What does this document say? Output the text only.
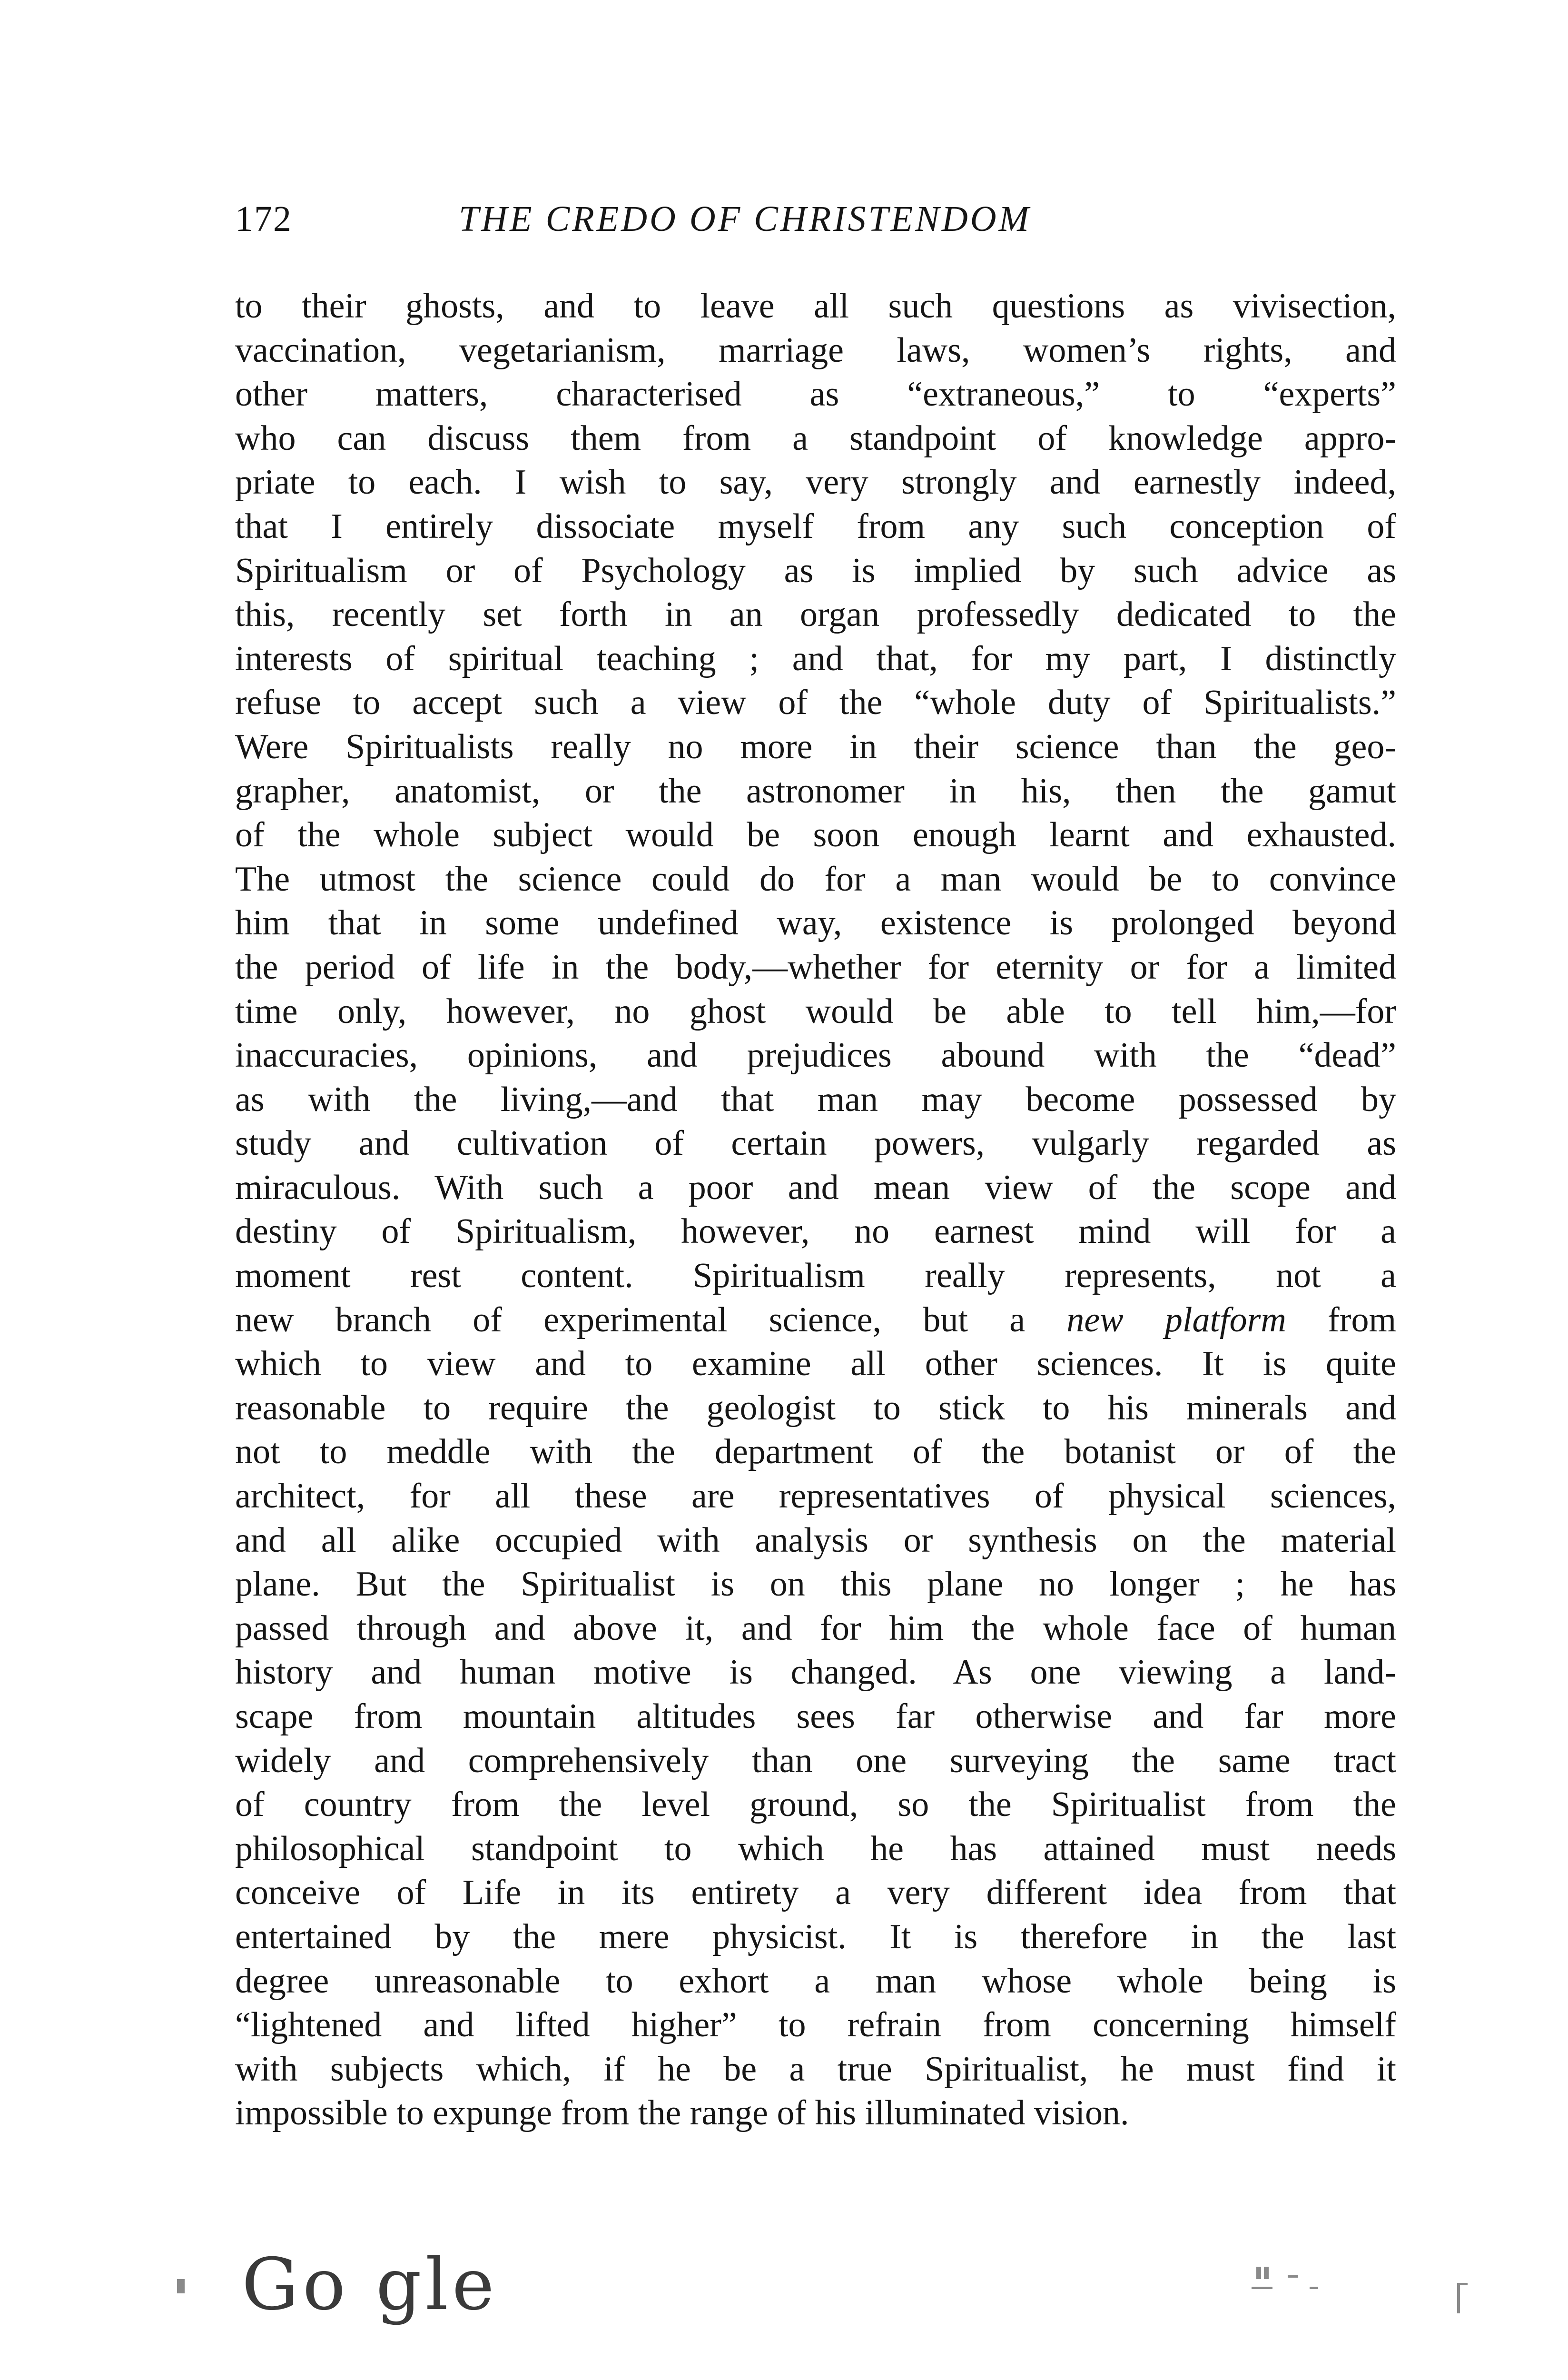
172	THE CREDO OF CHRISTENDOM
to their ghosts, and to leave all such questions as vivisection,
vaccination, vegetarianism, marriage laws, women’s rights, and
other matters, characterised as “extraneous,” to “experts”
who can discuss them from a standpoint of knowledge appro-
priate to each. I wish to say, very strongly and earnestly indeed,
that I entirely dissociate myself from any such conception of
Spiritualism or of Psychology as is implied by such advice as
this, recently set forth in an organ professedly dedicated to the
interests of spiritual teaching ; and that, for my part, I distinctly
refuse to accept such a view of the “whole duty of Spiritualists.”
Were Spiritualists really no more in their science than the geo-
grapher, anatomist, or the astronomer in his, then the gamut
of the whole subject would be soon enough learnt and exhausted.
The utmost the science could do for a man would be to convince
him that in some undefined way, existence is prolonged beyond
the period of life in the body,—whether for eternity or for a limited
time only, however, no ghost would be able to tell him,—for
inaccuracies, opinions, and prejudices abound with the “dead”
as with the living,—and that man may become possessed by
study and cultivation of certain powers, vulgarly regarded as
miraculous. With such a poor and mean view of the scope and
destiny of Spiritualism, however, no earnest mind will for a
moment rest content. Spiritualism really represents, not a
new branch of experimental science, but a new platform from
which to view and to examine all other sciences. It is quite
reasonable to require the geologist to stick to his minerals and
not to meddle with the department of the botanist or of the
architect, for all these are representatives of physical sciences,
and all alike occupied with analysis or synthesis on the material
plane. But the Spiritualist is on this plane no longer ; he has
passed through and above it, and for him the whole face of human
history and human motive is changed. As one viewing a land-
scape from mountain altitudes sees far otherwise and far more
widely and comprehensively than one surveying the same tract
of country from the level ground, so the Spiritualist from the
philosophical standpoint to which he has attained must needs
conceive of Life in its entirety a very different idea from that
entertained by the mere physicist. It is therefore in the last
degree unreasonable to exhort a man whose whole being is
“lightened and lifted higher” to refrain from concerning himself
with subjects which, if he be a true Spiritualist, he must find it
impossible to expunge from the range of his illuminated vision.
Go gle
